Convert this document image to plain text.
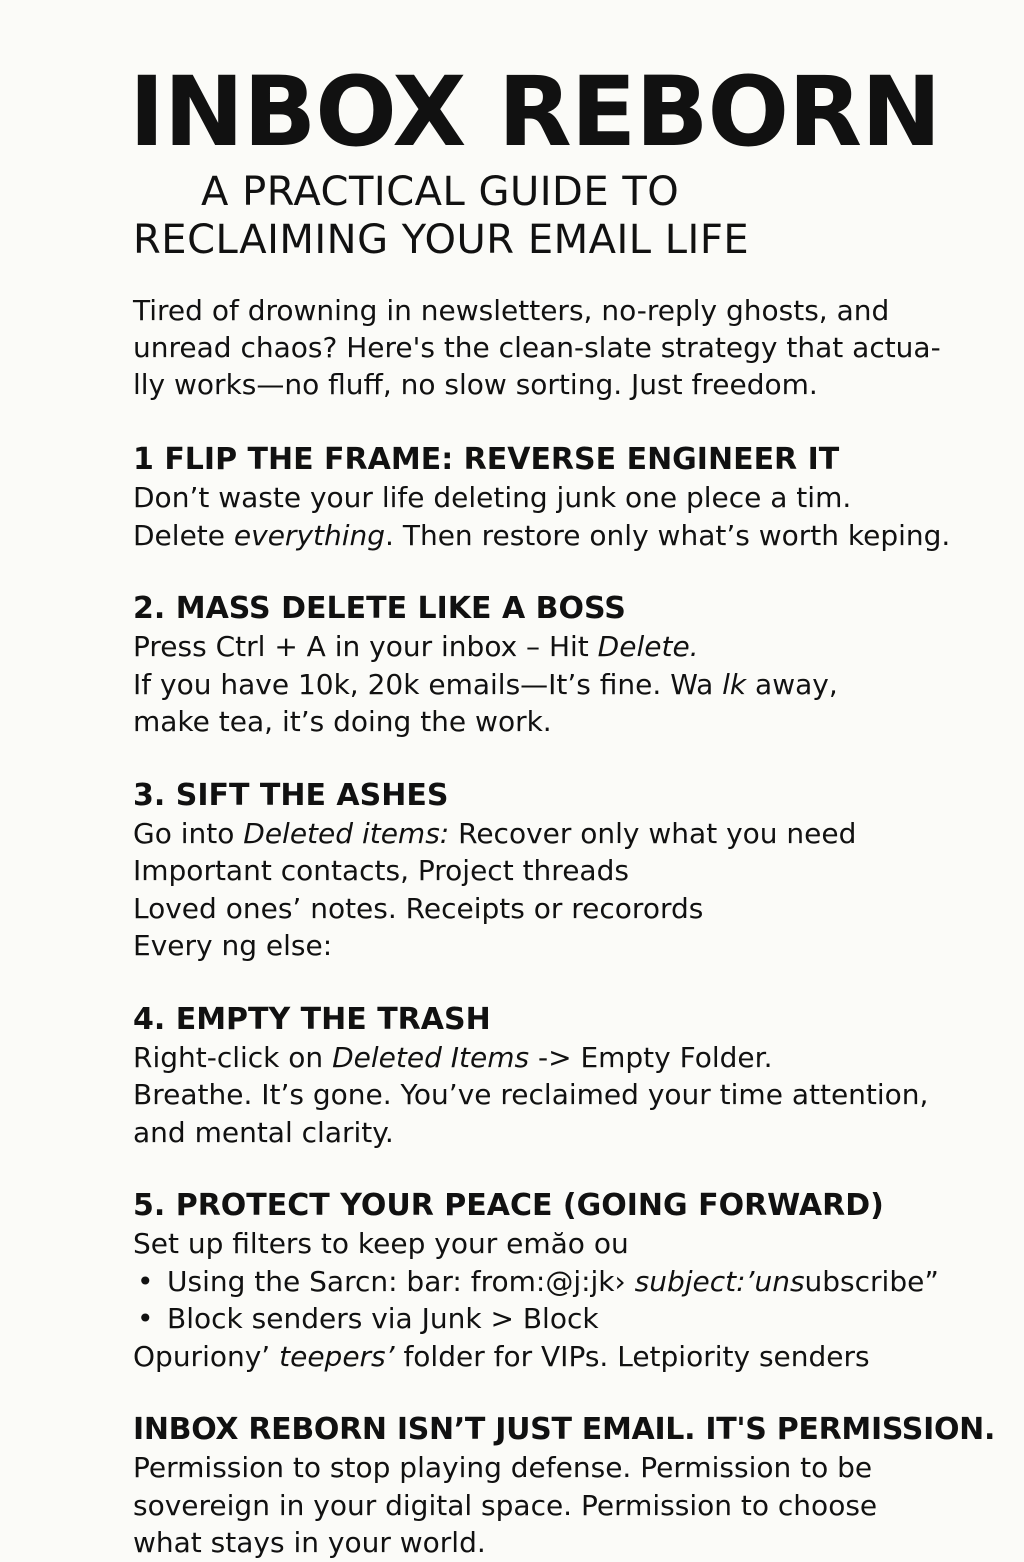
INBOX REBORN
A PRACTICAL GUIDE TO
RECLAIMING YOUR EMAIL LIFE
Tired of drowning in newsletters, no-reply ghosts, and
unread chaos? Here's the clean-slate strategy that actua-
lly works—no fluff, no slow sorting. Just freedom.
1 FLIP THE FRAME: REVERSE ENGINEER IT
Don’t waste your life deleting junk one plece a tim.
Delete everything. Then restore only what’s worth keping.
2. MASS DELETE LIKE A BOSS
Press Ctrl + A in your inbox – Hit Delete.
If you have 10k, 20k emails—It’s fine. Wa lk away,
make tea, it’s doing the work.
3. SIFT THE ASHES
Go into Deleted items: Recover only what you need
Important contacts, Project threads
Loved ones’ notes. Receipts or recorords
Every ng else:
4. EMPTY THE TRASH
Right-click on Deleted Items -> Empty Folder.
Breathe. It’s gone. You’ve reclaimed your time attention,
and mental clarity.
5. PROTECT YOUR PEACE (GOING FORWARD)
Set up filters to keep your emăo ou
• Using the Sarcn: bar: from:@j:jk› subject:’unsubscribe”
• Block senders via Junk > Block
Opuriony’ teepers’ folder for VIPs. Letpiority senders
INBOX REBORN ISN’T JUST EMAIL. IT'S PERMISSION.
Permission to stop playing defense. Permission to be
sovereign in your digital space. Permission to choose
what stays in your world.
